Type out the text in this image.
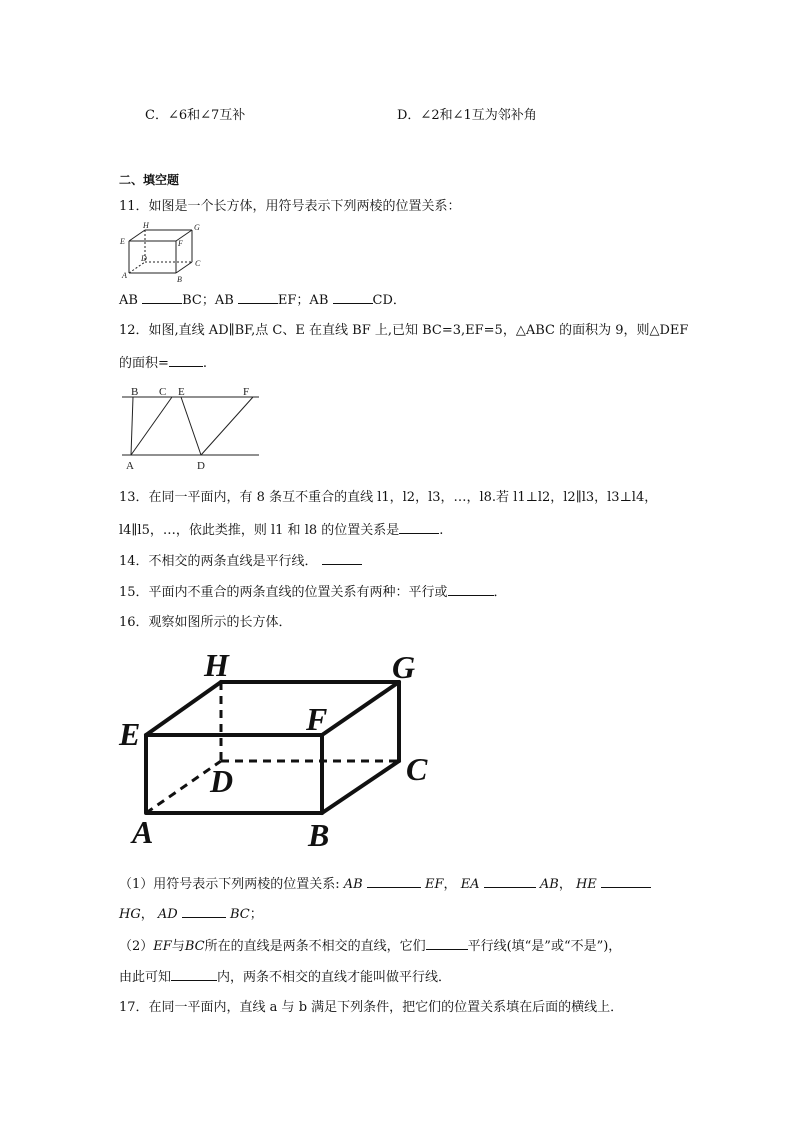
C．∠6和∠7互补	D．∠2和∠1互为邻补角
二、填空题
11．如图是一个长方体，用符号表示下列两棱的位置关系：
H	G
E	F
D
C
A	B
AB	BC；AB	EF；AB	CD．
12．如图,直线 AD∥BF,点 C、E 在直线 BF 上,已知 BC=3,EF=5，△ABC 的面积为 9，则△DEF
的面积=	.
B C E	F
A	D
13．在同一平面内，有 8 条互不重合的直线 l1，l2，l3，…，l8.若 l1⊥l2，l2∥l3，l3⊥l4，
l4∥l5，…，依此类推，则 l1 和 l8 的位置关系是	.
14．不相交的两条直线是平行线．
15．平面内不重合的两条直线的位置关系有两种：平行或	．
16．观察如图所示的长方体．
H	G
E	F
D	C
A	B
（1）用符号表示下列两棱的位置关系: AB	EF， EA	AB， HE
HG， AD	BC；
（2）EF与BC所在的直线是两条不相交的直线，它们	平行线(填“是”或“不是”)，
由此可知	内，两条不相交的直线才能叫做平行线．
17．在同一平面内，直线 a 与 b 满足下列条件，把它们的位置关系填在后面的横线上．
